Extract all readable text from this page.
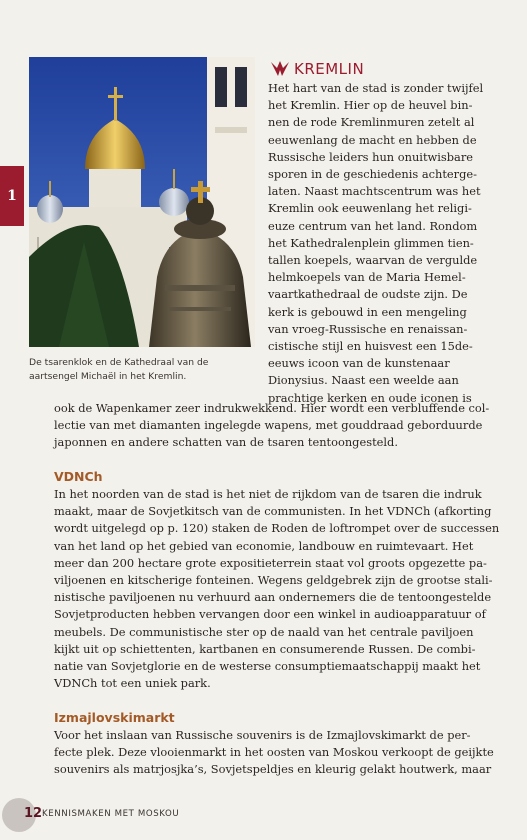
1
De tsarenklok en de Kathedraal van de
aartsengel Michaël in het Kremlin.
KREMLIN
Het hart van de stad is zonder twijfel
het Kremlin. Hier op de heuvel bin-
nen de rode Kremlinmuren zetelt al
eeuwenlang de macht en hebben de
Russische leiders hun onuitwisbare
sporen in de geschiedenis achterge-
laten. Naast machtscentrum was het
Kremlin ook eeuwenlang het religi-
euze centrum van het land. Rondom
het Kathedralenplein glimmen tien-
tallen koepels, waarvan de vergulde
helmkoepels van de Maria Hemel-
vaartkathedraal de oudste zijn. De
kerk is gebouwd in een mengeling
van vroeg-Russische en renaissan-
cistische stijl en huisvest een 15de-
eeuws icoon van de kunstenaar
Dionysius. Naast een weelde aan
prachtige kerken en oude iconen is
ook de Wapenkamer zeer indrukwekkend. Hier wordt een verbluffende col-
lectie van met diamanten ingelegde wapens, met gouddraad geborduurde
japonnen en andere schatten van de tsaren tentoongesteld.
VDNCh
In het noorden van de stad is het niet de rijkdom van de tsaren die indruk
maakt, maar de Sovjetkitsch van de communisten. In het VDNCh (afkorting
wordt uitgelegd op p. 120) staken de Roden de loftrompet over de successen
van het land op het gebied van economie, landbouw en ruimtevaart. Het
meer dan 200 hectare grote expositieterrein staat vol groots opgezette pa-
viljoenen en kitscherige fonteinen. Wegens geldgebrek zijn de grootse stali-
nistische paviljoenen nu verhuurd aan ondernemers die de tentoongestelde
Sovjetproducten hebben vervangen door een winkel in audioapparatuur of
meubels. De communistische ster op de naald van het centrale paviljoen
kijkt uit op schiettenten, kartbanen en consumerende Russen. De combi-
natie van Sovjetglorie en de westerse consumptiemaatschappij maakt het
VDNCh tot een uniek park.
Izmajlovskimarkt
Voor het inslaan van Russische souvenirs is de Izmajlovskimarkt de per-
fecte plek. Deze vlooienmarkt in het oosten van Moskou verkoopt de geijkte
souvenirs als matrjosjka’s, Sovjetspeldjes en kleurig gelakt houtwerk, maar
12 KENNISMAKEN MET MOSKOU
